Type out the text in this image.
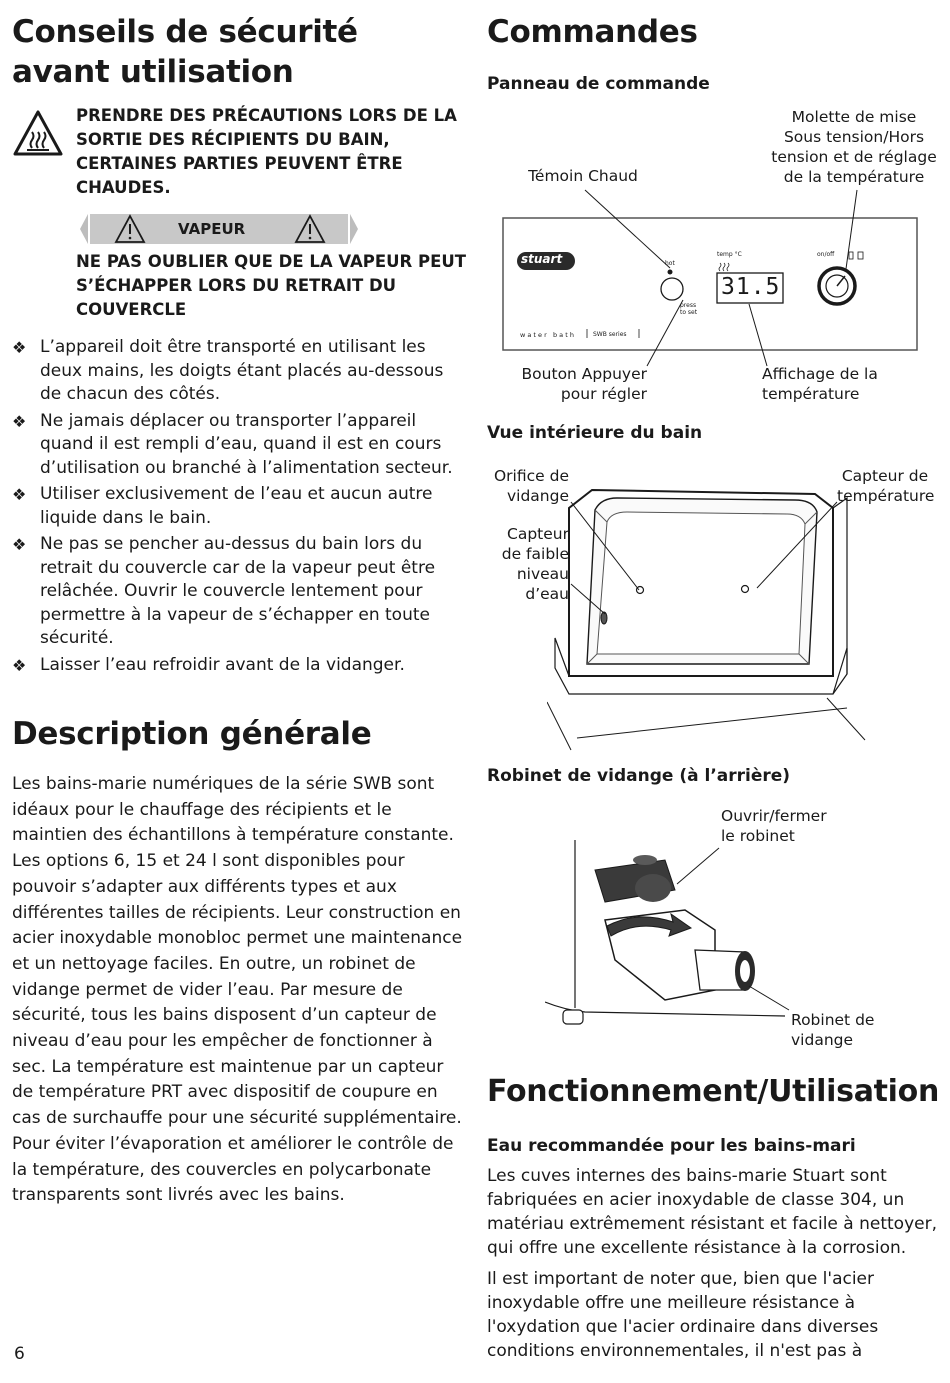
Conseils de sécurité avant utilisation

PRENDRE DES PRÉCAUTIONS LORS DE LA SORTIE DES RÉCIPIENTS DU BAIN, CERTAINES PARTIES PEUVENT ÊTRE CHAUDES.

VAPEUR

NE PAS OUBLIER QUE DE LA VAPEUR PEUT S’ÉCHAPPER LORS DU RETRAIT DU COUVERCLE

❖ L’appareil doit être transporté en utilisant les deux mains, les doigts étant placés au-dessous de chacun des côtés.
❖ Ne jamais déplacer ou transporter l’appareil quand il est rempli d’eau, quand il est en cours d’utilisation ou branché à l’alimentation secteur.
❖ Utiliser exclusivement de l’eau et aucun autre liquide dans le bain.
❖ Ne pas se pencher au-dessus du bain lors du retrait du couvercle car de la vapeur peut être relâchée. Ouvrir le couvercle lentement pour permettre à la vapeur de s’échapper en toute sécurité.
❖ Laisser l’eau refroidir avant de la vidanger.
Description générale

Les bains-marie numériques de la série SWB sont idéaux pour le chauffage des récipients et le maintien des échantillons à température constante. Les options 6, 15 et 24 l sont disponibles pour pouvoir s’adapter aux différents types et aux différentes tailles de récipients. Leur construction en acier inoxydable monobloc permet une maintenance et un nettoyage faciles. En outre, un robinet de vidange permet de vider l’eau. Par mesure de sécurité, tous les bains disposent d’un capteur de niveau d’eau pour les empêcher de fonctionner à sec. La température est maintenue par un capteur de température PRT avec dispositif de coupure en cas de surchauffe pour une sécurité supplémentaire. Pour éviter l’évaporation et améliorer le contrôle de la température, des couvercles en polycarbonate transparents sont livrés avec les bains.

6
Commandes
Panneau de commande
stuart	hot
press to set
temp °C
31.5
on/off
w a t e r   b a t h	SWB series
Témoin Chaud
Molette de mise Sous tension/Hors tension et de réglage de la température
Bouton Appuyer pour régler
Affichage de la température
Vue intérieure du bain
Orifice de vidange
Capteur de faible niveau d’eau
Capteur de température
Robinet de vidange (à l’arrière)
Ouvrir/fermer le robinet
Robinet de vidange
Fonctionnement/Utilisation
Eau recommandée pour les bains-mari

Les cuves internes des bains-marie Stuart sont fabriquées en acier inoxydable de classe 304, un matériau extrêmement résistant et facile à nettoyer, qui offre une excellente résistance à la corrosion.

Il est important de noter que, bien que l'acier inoxydable offre une meilleure résistance à l'oxydation que l'acier ordinaire dans diverses conditions environnementales, il n'est pas à
